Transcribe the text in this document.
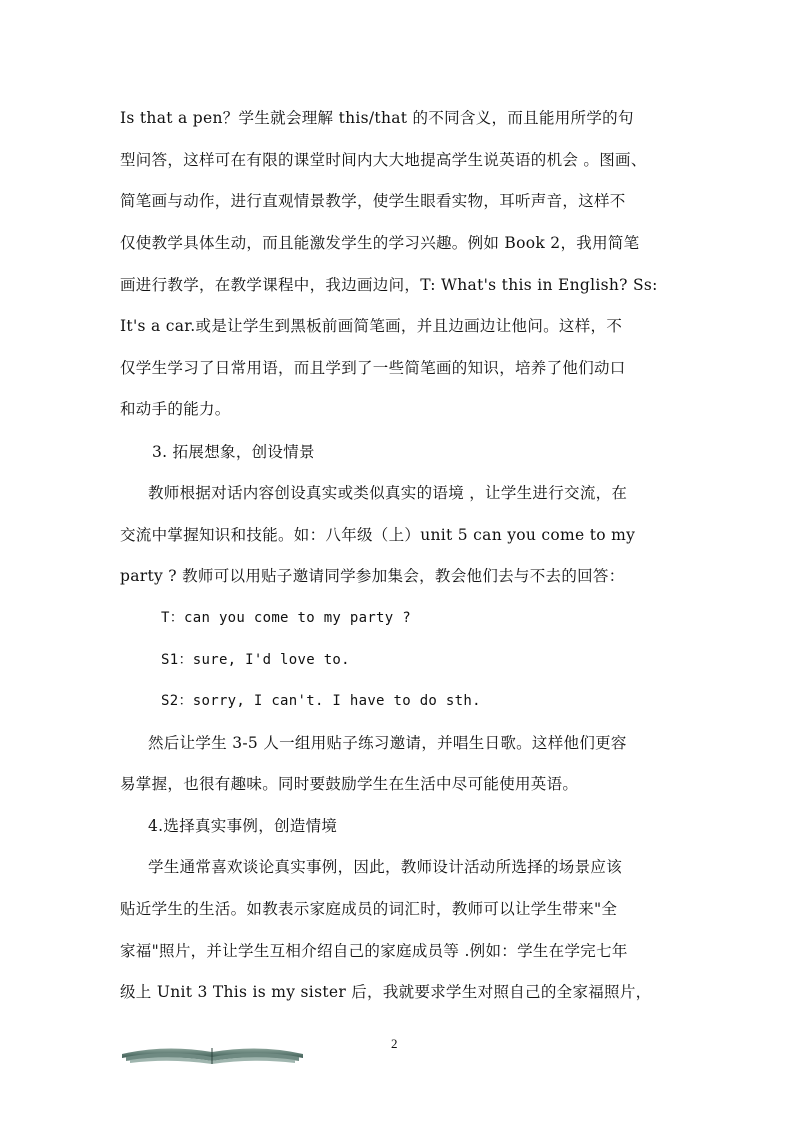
Is that a pen？学生就会理解 this/that 的不同含义，而且能用所学的句
型问答，这样可在有限的课堂时间内大大地提高学生说英语的机会 。图画、
简笔画与动作，进行直观情景教学，使学生眼看实物，耳听声音，这样不
仅使教学具体生动，而且能激发学生的学习兴趣。例如 Book 2，我用简笔
画进行教学，在教学课程中，我边画边问，T: What's this in English? Ss:
It's a car.或是让学生到黑板前画简笔画，并且边画边让他问。这样，不
仅学生学习了日常用语，而且学到了一些简笔画的知识，培养了他们动口
和动手的能力。
3. 拓展想象，创设情景
教师根据对话内容创设真实或类似真实的语境 ，让学生进行交流，在
交流中掌握知识和技能。如：八年级（上）unit 5 can you come to my
party ? 教师可以用贴子邀请同学参加集会，教会他们去与不去的回答：
T：can you come to my party ?
S1：sure, I'd love to.
S2：sorry, I can't. I have to do sth.
然后让学生 3-5 人一组用贴子练习邀请，并唱生日歌。这样他们更容
易掌握，也很有趣味。同时要鼓励学生在生活中尽可能使用英语。
4.选择真实事例，创造情境
学生通常喜欢谈论真实事例，因此，教师设计活动所选择的场景应该
贴近学生的生活。如教表示家庭成员的词汇时，教师可以让学生带来"全
家福"照片，并让学生互相介绍自己的家庭成员等 .例如：学生在学完七年
级上 Unit 3 This is my sister 后，我就要求学生对照自己的全家福照片，
2
